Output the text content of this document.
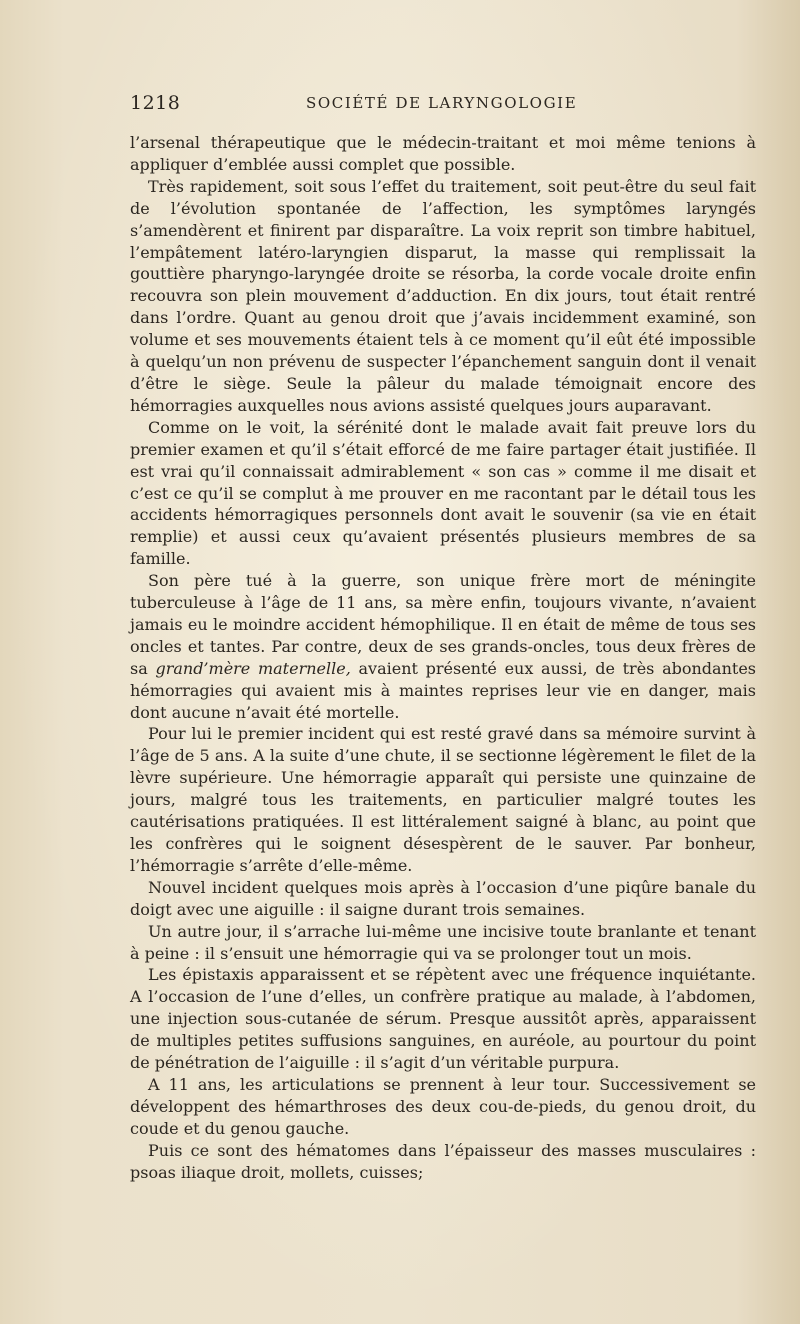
1218	SOCIÉTÉ DE LARYNGOLOGIE

l’arsenal thérapeutique que le médecin-traitant et moi même tenions à appliquer d’emblée aussi complet que possible.

Très rapidement, soit sous l’effet du traitement, soit peut-être du seul fait de l’évolution spontanée de l’affection, les symptômes laryngés s’amendèrent et finirent par disparaître. La voix reprit son timbre habituel, l’empâtement latéro-laryngien disparut, la masse qui remplissait la gouttière pharyngo-laryngée droite se résorba, la corde vocale droite enfin recouvra son plein mouvement d’adduction. En dix jours, tout était rentré dans l’ordre. Quant au genou droit que j’avais incidemment examiné, son volume et ses mouvements étaient tels à ce moment qu’il eût été impossible à quelqu’un non prévenu de suspecter l’épanchement sanguin dont il venait d’être le siège. Seule la pâleur du malade témoignait encore des hémorragies auxquelles nous avions assisté quelques jours auparavant.

Comme on le voit, la sérénité dont le malade avait fait preuve lors du premier examen et qu’il s’était efforcé de me faire partager était justifiée. Il est vrai qu’il connaissait admirablement « son cas » comme il me disait et c’est ce qu’il se complut à me prouver en me racontant par le détail tous les accidents hémorragiques personnels dont avait le souvenir (sa vie en était remplie) et aussi ceux qu’avaient présentés plusieurs membres de sa famille.

Son père tué à la guerre, son unique frère mort de méningite tuberculeuse à l’âge de 11 ans, sa mère enfin, toujours vivante, n’avaient jamais eu le moindre accident hémophilique. Il en était de même de tous ses oncles et tantes. Par contre, deux de ses grands-oncles, tous deux frères de sa grand’mère maternelle, avaient présenté eux aussi, de très abondantes hémorragies qui avaient mis à maintes reprises leur vie en danger, mais dont aucune n’avait été mortelle.

Pour lui le premier incident qui est resté gravé dans sa mémoire survint à l’âge de 5 ans. A la suite d’une chute, il se sectionne légèrement le filet de la lèvre supérieure. Une hémorragie apparaît qui persiste une quinzaine de jours, malgré tous les traitements, en particulier malgré toutes les cautérisations pratiquées. Il est littéralement saigné à blanc, au point que les confrères qui le soignent désespèrent de le sauver. Par bonheur, l’hémorragie s’arrête d’elle-même.

Nouvel incident quelques mois après à l’occasion d’une piqûre banale du doigt avec une aiguille : il saigne durant trois semaines.

Un autre jour, il s’arrache lui-même une incisive toute branlante et tenant à peine : il s’ensuit une hémorragie qui va se prolonger tout un mois.

Les épistaxis apparaissent et se répètent avec une fréquence inquiétante. A l’occasion de l’une d’elles, un confrère pratique au malade, à l’abdomen, une injection sous-cutanée de sérum. Presque aussitôt après, apparaissent de multiples petites suffusions sanguines, en auréole, au pourtour du point de pénétration de l’aiguille : il s’agit d’un véritable purpura.

A 11 ans, les articulations se prennent à leur tour. Successivement se développent des hémarthroses des deux cou-de-pieds, du genou droit, du coude et du genou gauche.

Puis ce sont des hématomes dans l’épaisseur des masses musculaires : psoas iliaque droit, mollets, cuisses;
